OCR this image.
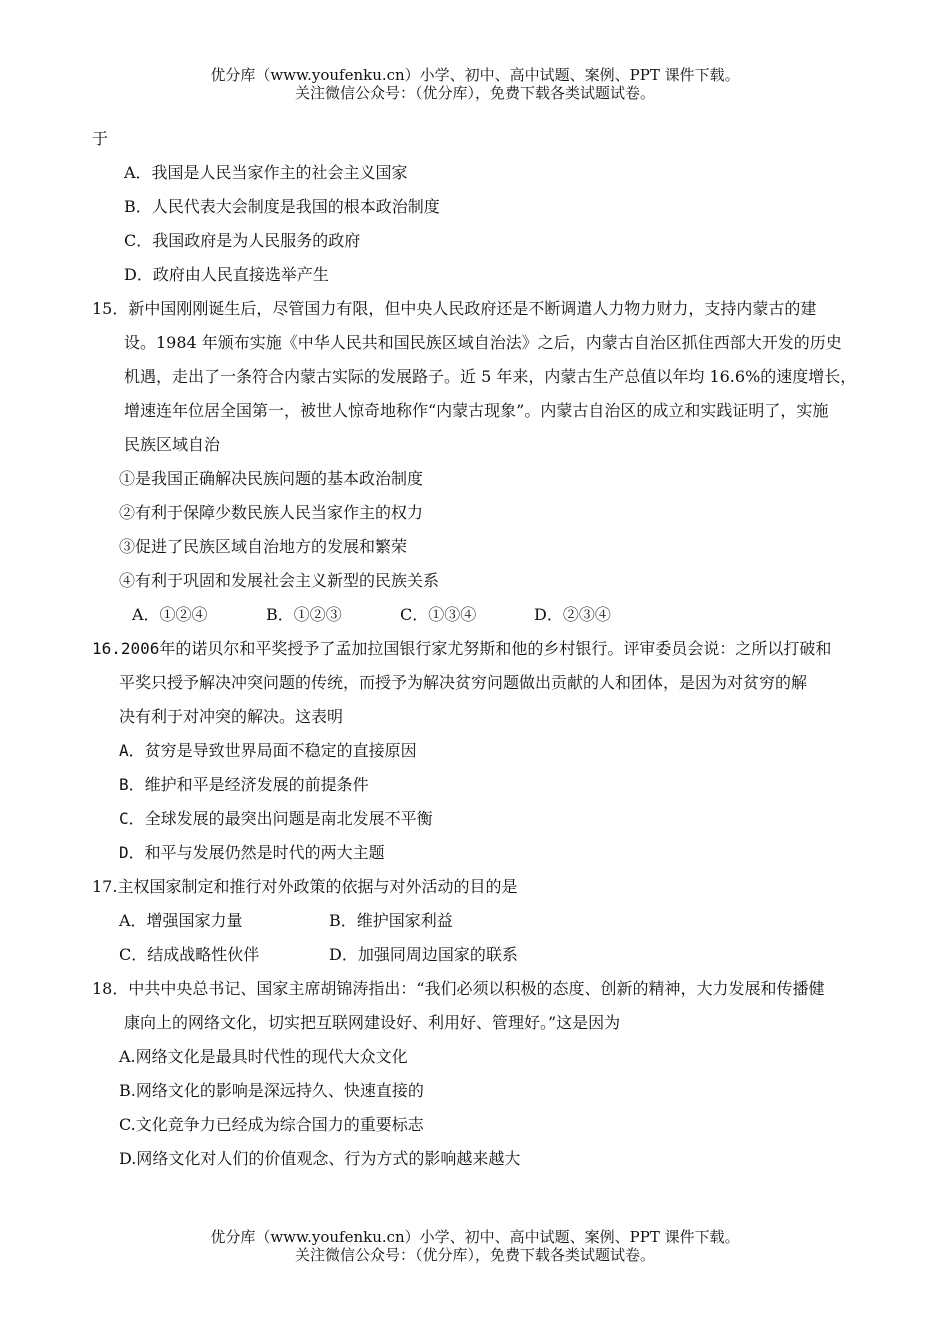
优分库（www.youfenku.cn）小学、初中、高中试题、案例、PPT 课件下载。
关注微信公众号：（优分库），免费下载各类试题试卷。
于
A．我国是人民当家作主的社会主义国家
B．人民代表大会制度是我国的根本政治制度
C．我国政府是为人民服务的政府
D．政府由人民直接选举产生
15．新中国刚刚诞生后，尽管国力有限，但中央人民政府还是不断调遣人力物力财力，支持内蒙古的建
设。1984 年颁布实施《中华人民共和国民族区域自治法》之后，内蒙古自治区抓住西部大开发的历史
机遇，走出了一条符合内蒙古实际的发展路子。近 5 年来，内蒙古生产总值以年均 16.6%的速度增长，
增速连年位居全国第一，被世人惊奇地称作“内蒙古现象”。内蒙古自治区的成立和实践证明了，实施
民族区域自治
①是我国正确解决民族问题的基本政治制度
②有利于保障少数民族人民当家作主的权力
③促进了民族区域自治地方的发展和繁荣
④有利于巩固和发展社会主义新型的民族关系
A．①②④	B．①②③	C．①③④	D．②③④
16.2006年的诺贝尔和平奖授予了孟加拉国银行家尤努斯和他的乡村银行。评审委员会说：之所以打破和
平奖只授予解决冲突问题的传统，而授予为解决贫穷问题做出贡献的人和团体，是因为对贫穷的解
决有利于对冲突的解决。这表明
A．贫穷是导致世界局面不稳定的直接原因
B．维护和平是经济发展的前提条件
C．全球发展的最突出问题是南北发展不平衡
D．和平与发展仍然是时代的两大主题
17.主权国家制定和推行对外政策的依据与对外活动的目的是
A．增强国家力量	B．维护国家利益
C．结成战略性伙伴	D．加强同周边国家的联系
18．中共中央总书记、国家主席胡锦涛指出：“我们必须以积极的态度、创新的精神，大力发展和传播健
康向上的网络文化，切实把互联网建设好、利用好、管理好。”这是因为
A.网络文化是最具时代性的现代大众文化
B.网络文化的影响是深远持久、快速直接的
C.文化竞争力已经成为综合国力的重要标志
D.网络文化对人们的价值观念、行为方式的影响越来越大
优分库（www.youfenku.cn）小学、初中、高中试题、案例、PPT 课件下载。
关注微信公众号：（优分库），免费下载各类试题试卷。
